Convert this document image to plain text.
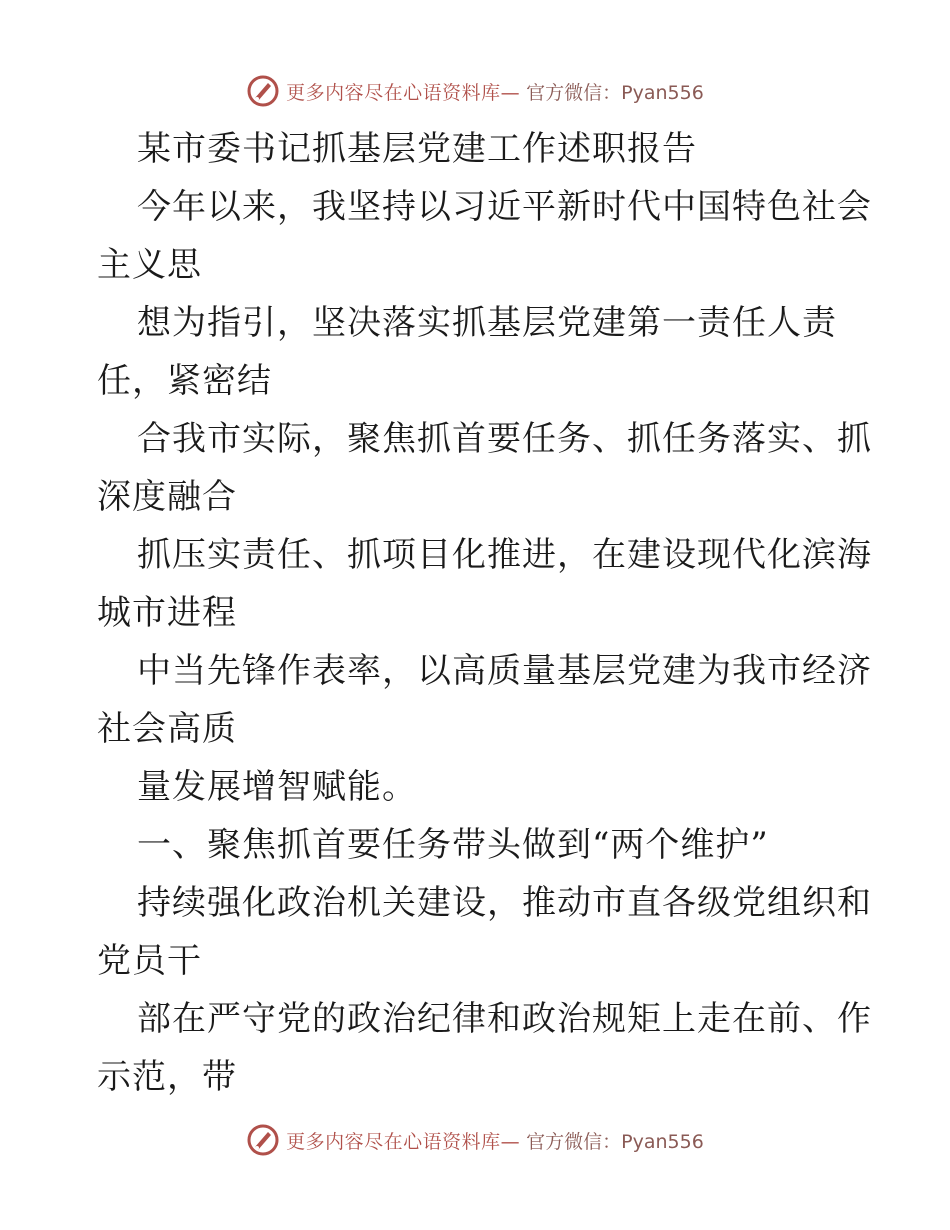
更多内容尽在心语资料库— 官方微信：Pyan556
某市委书记抓基层党建工作述职报告
今年以来，我坚持以习近平新时代中国特色社会
主义思
想为指引，坚决落实抓基层党建第一责任人责
任，紧密结
合我市实际，聚焦抓首要任务、抓任务落实、抓
深度融合
抓压实责任、抓项目化推进，在建设现代化滨海
城市进程
中当先锋作表率，以高质量基层党建为我市经济
社会高质
量发展增智赋能。
一、聚焦抓首要任务带头做到“两个维护”
持续强化政治机关建设，推动市直各级党组织和
党员干
部在严守党的政治纪律和政治规矩上走在前、作
示范，带
更多内容尽在心语资料库— 官方微信：Pyan556
